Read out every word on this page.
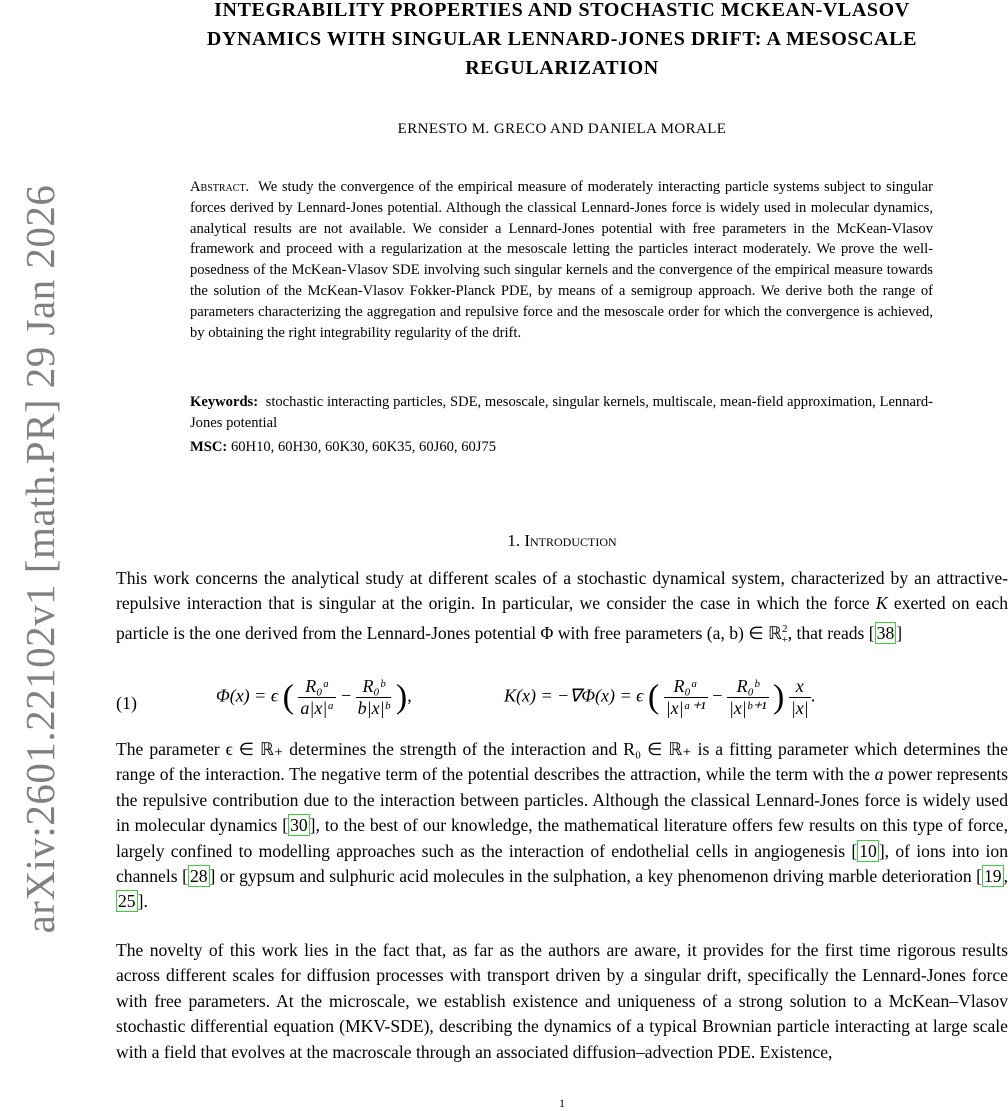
arXiv:2601.22102v1 [math.PR] 29 Jan 2026
INTEGRABILITY PROPERTIES AND STOCHASTIC MCKEAN-VLASOV
DYNAMICS WITH SINGULAR LENNARD-JONES DRIFT: A MESOSCALE
REGULARIZATION
ERNESTO M. GRECO AND DANIELA MORALE
Abstract. We study the convergence of the empirical measure of moderately interacting particle systems subject to singular forces derived by Lennard-Jones potential. Although the classical Lennard-Jones force is widely used in molecular dynamics, analytical results are not available. We consider a Lennard-Jones potential with free parameters in the McKean-Vlasov framework and proceed with a regularization at the mesoscale letting the particles interact moderately. We prove the well-posedness of the McKean-Vlasov SDE involving such singular kernels and the convergence of the empirical measure towards the solution of the McKean-Vlasov Fokker-Planck PDE, by means of a semigroup approach. We derive both the range of parameters characterizing the aggregation and repulsive force and the mesoscale order for which the convergence is achieved, by obtaining the right integrability regularity of the drift.
Keywords: stochastic interacting particles, SDE, mesoscale, singular kernels, multiscale, mean-field approximation, Lennard-Jones potential
MSC: 60H10, 60H30, 60K30, 60K35, 60J60, 60J75
1. Introduction
This work concerns the analytical study at different scales of a stochastic dynamical system, characterized by an attractive-repulsive interaction that is singular at the origin. In particular, we consider the case in which the force K exerted on each particle is the one derived from the Lennard-Jones potential Φ with free parameters (a, b) ∈ ℝ$^2_+$, that reads [ 38 ]
(1)	Φ(x) = ϵ ( $\frac{\text{R₀ᵃ}}{\text{a|x|ᵃ}} - \frac{\text{R₀ᵇ}}{\text{b|x|ᵇ}}$ ),	K(x) = −∇Φ(x) = ϵ ( $\frac{\text{R₀ᵃ}}{\text{|x|ᵃ⁺¹}} - \frac{\text{R₀ᵇ}}{\text{|x|ᵇ⁺¹}}$ ) $\frac{x}{|x|}$ .
The parameter ϵ ∈ ℝ₊ determines the strength of the interaction and R₀ ∈ ℝ₊ is a fitting parameter which determines the range of the interaction. The negative term of the potential describes the attraction, while the term with the a power represents the repulsive contribution due to the interaction between particles. Although the classical Lennard-Jones force is widely used in molecular dynamics [ 30 ], to the best of our knowledge, the mathematical literature offers few results on this type of force, largely confined to modelling approaches such as the interaction of endothelial cells in angiogenesis [ 10 ], of ions into ion channels [ 28 ] or gypsum and sulphuric acid molecules in the sulphation, a key phenomenon driving marble deterioration [ 19 , 25 ].
The novelty of this work lies in the fact that, as far as the authors are aware, it provides for the first time rigorous results across different scales for diffusion processes with transport driven by a singular drift, specifically the Lennard-Jones force with free parameters. At the microscale, we establish existence and uniqueness of a strong solution to a McKean–Vlasov stochastic differential equation (MKV-SDE), describing the dynamics of a typical Brownian particle interacting at large scale with a field that evolves at the macroscale through an associated diffusion–advection PDE. Existence,
1
